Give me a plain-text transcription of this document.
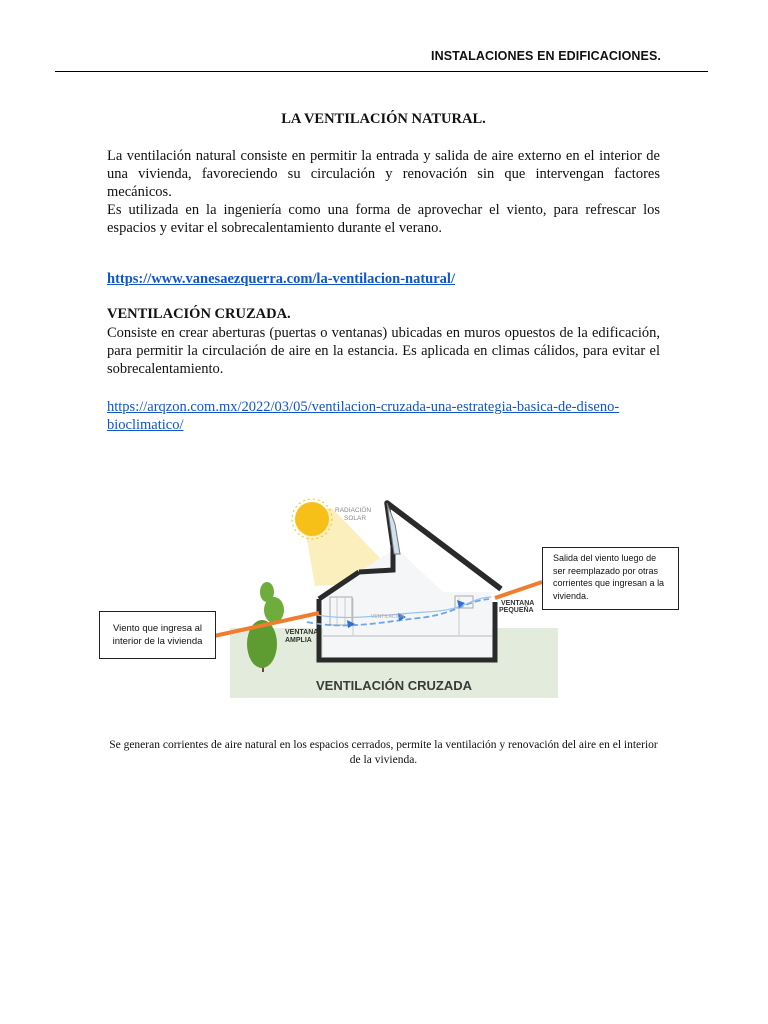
INSTALACIONES EN EDIFICACIONES.
LA VENTILACIÓN NATURAL.

La ventilación natural consiste en permitir la entrada y salida de aire externo en el interior de una vivienda, favoreciendo su circulación y renovación sin que intervengan factores mecánicos.

Es utilizada en la ingeniería como una forma de aprovechar el viento, para refrescar los espacios y evitar el sobrecalentamiento durante el verano.

https://www.vanesaezquerra.com/la-ventilacion-natural/
VENTILACIÓN CRUZADA.

Consiste en crear aberturas (puertas o ventanas) ubicadas en muros opuestos de la edificación, para permitir la circulación de aire en la estancia. Es aplicada en climas cálidos, para evitar el sobrecalentamiento.

https://arqzon.com.mx/2022/03/05/ventilacion-cruzada-una-estrategia-basica-de-diseno-
bioclimatico/
RADIACIÓN
SOLAR
VENTILACIÓN
VENTANA
AMPLIA
VENTANA
PEQUEÑA
VENTILACIÓN CRUZADA
Viento que ingresa al interior de la vivienda
Salida del viento luego de ser reemplazado por otras corrientes que ingresan a la vivienda.
Se generan corrientes de aire natural en los espacios cerrados, permite la ventilación y renovación del aire en el interior de la vivienda.
